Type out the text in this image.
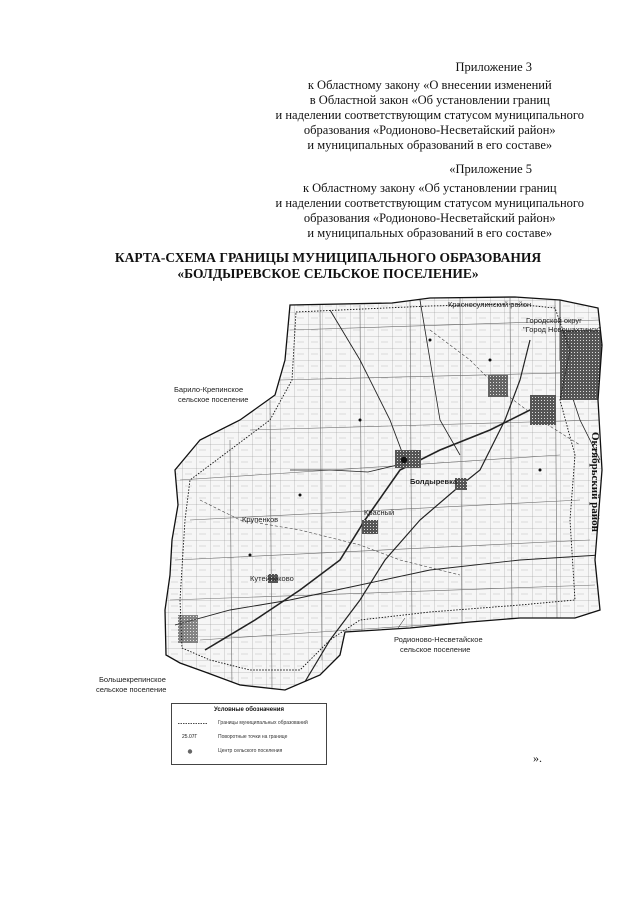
Приложение 3
к Областному закону «О внесении изменений
в Областной закон «Об установлении границ
и наделении соответствующим статусом муниципального
образования «Родионово-Несветайский район»
и муниципальных образований в его составе»
«Приложение 5
к Областному закону «Об установлении границ
и наделении соответствующим статусом муниципального
образования «Родионово-Несветайский район»
и муниципальных образований в его составе»
КАРТА-СХЕМА ГРАНИЦЫ МУНИЦИПАЛЬНОГО ОБРАЗОВАНИЯ
«БОЛДЫРЕВСКОЕ СЕЛЬСКОЕ ПОСЕЛЕНИЕ»
Красносулинский район
Городской округ
"Город Новошахтинск"
Барило-Крепинское
сельское поселение
Октябрьский район
Родионово-Несветайское
сельское поселение
Большекрепинское
сельское поселение
Болдыревка
Красный
Крупенков
Кутейниково
Условные обозначения
Границы муниципальных образований
25.07Г	Поворотные точки на границе
Центр сельского поселения	».
